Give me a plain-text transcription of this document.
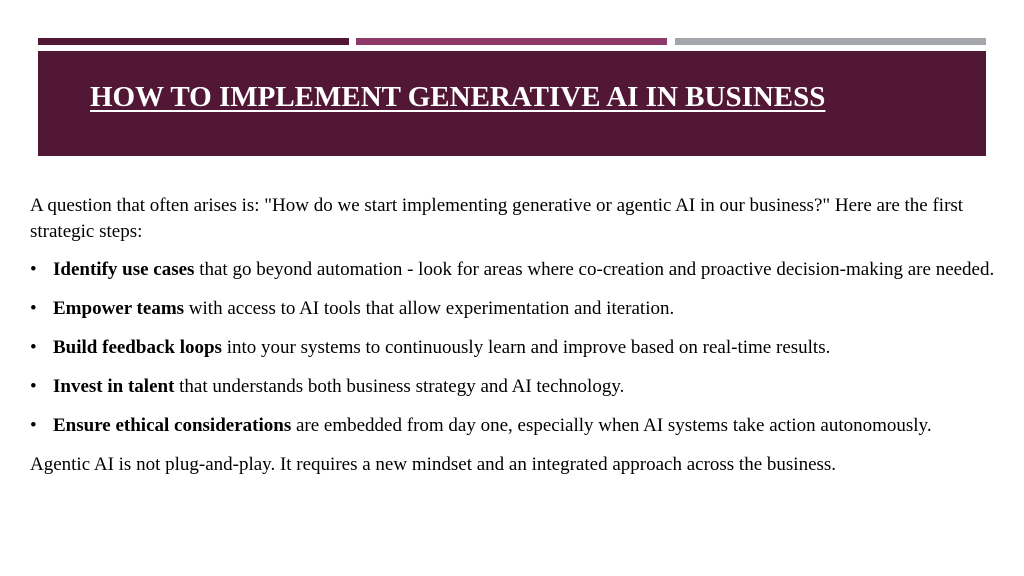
HOW TO IMPLEMENT GENERATIVE AI IN BUSINESS

A question that often arises is: "How do we start implementing generative or agentic AI in our business?" Here are the first strategic steps:

• Identify use cases that go beyond automation - look for areas where co-creation and proactive decision-making are needed.
• Empower teams with access to AI tools that allow experimentation and iteration.
• Build feedback loops into your systems to continuously learn and improve based on real-time results.
• Invest in talent that understands both business strategy and AI technology.
• Ensure ethical considerations are embedded from day one, especially when AI systems take action autonomously.

Agentic AI is not plug-and-play. It requires a new mindset and an integrated approach across the business.
